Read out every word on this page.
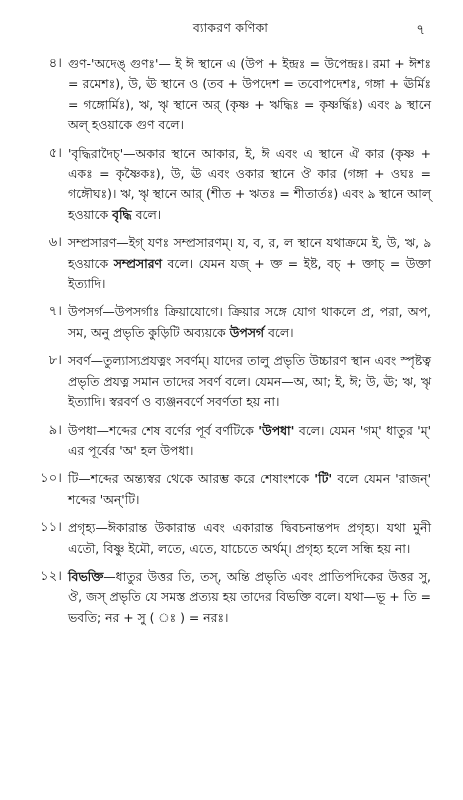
ব্যাকরণ কণিকা	৭
৪। গুণ-'অদেঙ্ গুণঃ'— ই ঈ স্থানে এ (উপ + ইন্দ্রঃ = উপেন্দ্রঃ। রমা + ঈশঃ = রমেশঃ), উ, ঊ স্থানে ও (তব + উপদেশ = তবোপদেশঃ, গঙ্গা + ঊর্মিঃ = গঙ্গোর্মিঃ), ঋ, ৠ স্থানে অর্ (কৃষ্ণ + ঋদ্ধিঃ = কৃষ্ণর্দ্ধিঃ) এবং ঌ স্থানে অল্ হওয়াকে গুণ বলে।
৫। 'বৃদ্ধিরাদৈচ্'—অকার স্থানে আকার, ই, ঈ এবং এ স্থানে ঐ কার (কৃষ্ণ + একঃ = কৃষ্ণৈকঃ), উ, ঊ এবং ওকার স্থানে ঔ কার (গঙ্গা + ওঘঃ = গঙ্গৌঘঃ)। ঋ, ৠ স্থানে আর্ (শীত + ঋতঃ = শীতার্তঃ) এবং ঌ স্থানে আল্ হওয়াকে বৃদ্ধি বলে।
৬। সম্প্রসারণ—ইগ্ যণঃ সম্প্রসারণম্। য, ব, র, ল স্থানে যথাক্রমে ই, উ, ঋ, ঌ হওয়াকে সম্প্রসারণ বলে। যেমন যজ্ + ক্ত = ইষ্ট, বচ্ + ক্তাচ্ = উক্তা ইত্যাদি।
৭। উপসর্গ—উপসর্গাঃ ক্রিয়াযোগে। ক্রিয়ার সঙ্গে যোগ থাকলে প্র, পরা, অপ, সম, অনু প্রভৃতি কুড়িটি অব্যয়কে উপসর্গ বলে।
৮। সবর্ণ—তুল্যাস্যপ্রযত্নং সবর্ণম্। যাদের তালু প্রভৃতি উচ্চারণ স্থান এবং স্পৃষ্টত্ব প্রভৃতি প্রযত্ন সমান তাদের সবর্ণ বলে। যেমন—অ, আ; ই, ঈ; উ, ঊ; ঋ, ৠ ইত্যাদি। স্বরবর্ণ ও ব্যঞ্জনবর্ণে সবর্ণতা হয় না।
৯। উপধা—শব্দের শেষ বর্ণের পূর্ব বর্ণটিকে 'উপধা' বলে। যেমন 'গম্' ধাতুর 'ম্' এর পূর্বের 'অ' হল উপধা।
১০। টি—শব্দের অন্ত্যস্বর থেকে আরম্ভ করে শেষাংশকে 'টি' বলে যেমন 'রাজন্' শব্দের 'অন্'টি।
১১। প্রগৃহ্য—ঈকারান্ত উকারান্ত এবং একারান্ত দ্বিবচনান্তপদ প্রগৃহ্য। যথা মুনী এতৌ, বিষ্ণু ইমৌ, লতে, এতে, যাচেতে অর্থম্। প্রগৃহ্য হলে সন্ধি হয় না।
১২। বিভক্তি—ধাতুর উত্তর তি, তস্, অন্তি প্রভৃতি এবং প্রাতিপদিকের উত্তর সু, ঔ, জস্ প্রভৃতি যে সমস্ত প্রত্যয় হয় তাদের বিভক্তি বলে। যথা—ভূ + তি = ভবতি; নর + সু ( ঃ ) = নরঃ।
